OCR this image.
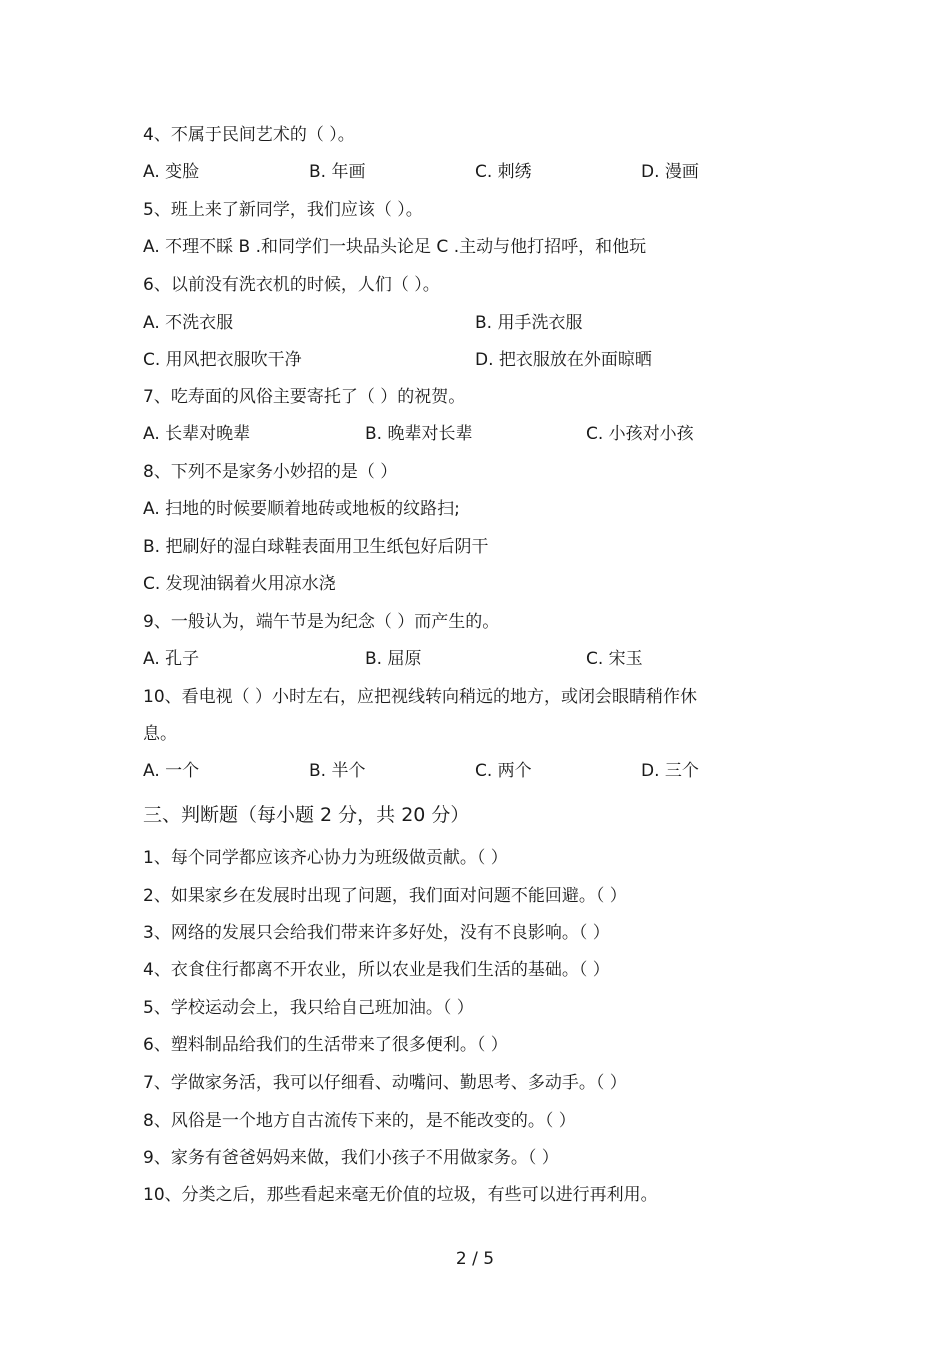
4、不属于民间艺术的（ ）。
A. 变脸	B. 年画	C. 刺绣	D. 漫画
5、班上来了新同学，我们应该（ ）。
A. 不理不睬 B .和同学们一块品头论足 C .主动与他打招呼，和他玩
6、以前没有洗衣机的时候，人们（ ）。
A. 不洗衣服	B. 用手洗衣服
C. 用风把衣服吹干净	D. 把衣服放在外面晾晒
7、吃寿面的风俗主要寄托了（ ）的祝贺。
A. 长辈对晚辈	B. 晚辈对长辈	C. 小孩对小孩
8、下列不是家务小妙招的是（ ）
A. 扫地的时候要顺着地砖或地板的纹路扫;
B. 把刷好的湿白球鞋表面用卫生纸包好后阴干
C. 发现油锅着火用凉水浇
9、一般认为，端午节是为纪念（ ）而产生的。
A. 孔子	B. 屈原	C. 宋玉
10、看电视（ ）小时左右，应把视线转向稍远的地方，或闭会眼睛稍作休
息。
A. 一个	B. 半个	C. 两个	D. 三个
三、判断题（每小题 2 分，共 20 分）
1、每个同学都应该齐心协力为班级做贡献。（ ）
2、如果家乡在发展时出现了问题，我们面对问题不能回避。（ ）
3、网络的发展只会给我们带来许多好处，没有不良影响。（ ）
4、衣食住行都离不开农业，所以农业是我们生活的基础。（ ）
5、学校运动会上，我只给自己班加油。（ ）
6、塑料制品给我们的生活带来了很多便利。（ ）
7、学做家务活，我可以仔细看、动嘴问、勤思考、多动手。（ ）
8、风俗是一个地方自古流传下来的，是不能改变的。（ ）
9、家务有爸爸妈妈来做，我们小孩子不用做家务。（ ）
10、分类之后，那些看起来毫无价值的垃圾，有些可以进行再利用。
2 / 5
